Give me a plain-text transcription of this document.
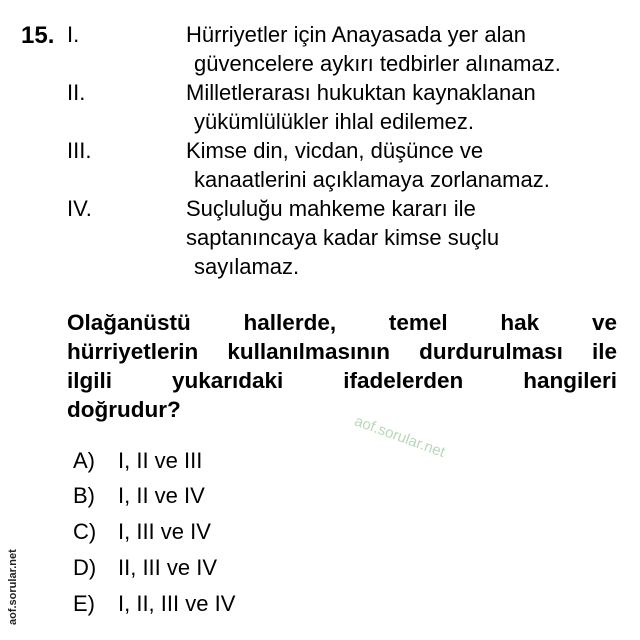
15. I.	Hürriyetler için Anayasada yer alan
güvencelere aykırı tedbirler alınamaz.
II.	Milletlerarası hukuktan kaynaklanan
yükümlülükler ihlal edilemez.
III.	Kimse din, vicdan, düşünce ve
kanaatlerini açıklamaya zorlanamaz.
IV.	Suçluluğu mahkeme kararı ile
saptanıncaya kadar kimse suçlu
sayılamaz.
Olağanüstü hallerde, temel hak ve
hürriyetlerin kullanılmasının durdurulması ile
ilgili yukarıdaki ifadelerden hangileri
doğrudur?
A) I, II ve III
B) I, II ve IV
C) I, III ve IV
D) II, III ve IV
E) I, II, III ve IV
aof.sorular.net
aof.sorular.net
